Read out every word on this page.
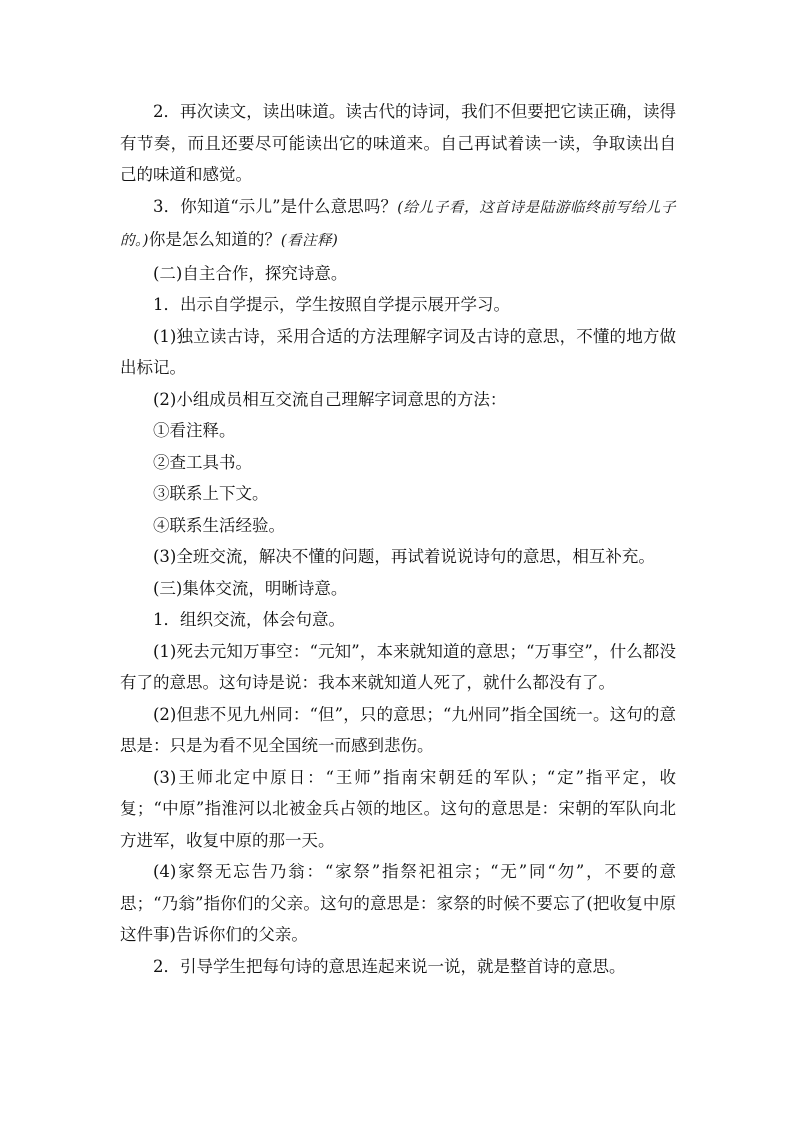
2．再次读文，读出味道。读古代的诗词，我们不但要把它读正确，读得有节奏，而且还要尽可能读出它的味道来。自己再试着读一读，争取读出自己的味道和感觉。

3．你知道“示儿”是什么意思吗？(给儿子看，这首诗是陆游临终前写给儿子的。)你是怎么知道的？(看注释)

(二)自主合作，探究诗意。

1．出示自学提示，学生按照自学提示展开学习。

(1)独立读古诗，采用合适的方法理解字词及古诗的意思，不懂的地方做出标记。

(2)小组成员相互交流自己理解字词意思的方法：

①看注释。

②查工具书。

③联系上下文。

④联系生活经验。

(3)全班交流，解决不懂的问题，再试着说说诗句的意思，相互补充。

(三)集体交流，明晰诗意。

1．组织交流，体会句意。

(1)死去元知万事空：“元知”，本来就知道的意思；“万事空”，什么都没有了的意思。这句诗是说：我本来就知道人死了，就什么都没有了。

(2)但悲不见九州同：“但”，只的意思；“九州同”指全国统一。这句的意思是：只是为看不见全国统一而感到悲伤。

(3)王师北定中原日：“王师”指南宋朝廷的军队；“定”指平定，收复；“中原”指淮河以北被金兵占领的地区。这句的意思是：宋朝的军队向北方进军，收复中原的那一天。

(4)家祭无忘告乃翁：“家祭”指祭祀祖宗；“无”同“勿”，不要的意思；“乃翁”指你们的父亲。这句的意思是：家祭的时候不要忘了(把收复中原这件事)告诉你们的父亲。

2．引导学生把每句诗的意思连起来说一说，就是整首诗的意思。
